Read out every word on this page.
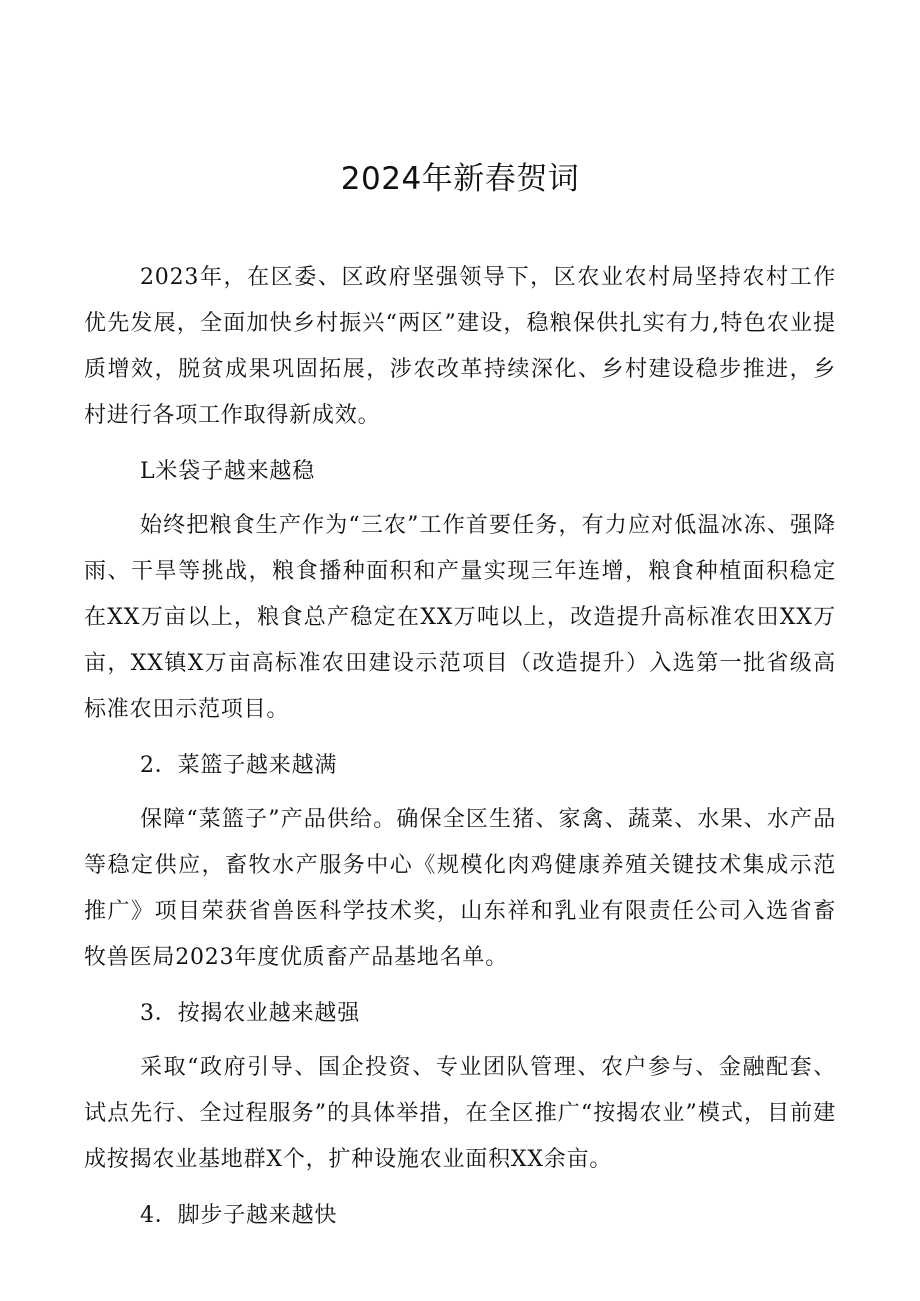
2024年新春贺词

2023年，在区委、区政府坚强领导下，区农业农村局坚持农村工作优先发展，全面加快乡村振兴“两区”建设，稳粮保供扎实有力,特色农业提质增效，脱贫成果巩固拓展，涉农改革持续深化、乡村建设稳步推进，乡村进行各项工作取得新成效。

L米袋子越来越稳

始终把粮食生产作为“三农”工作首要任务，有力应对低温冰冻、强降雨、干旱等挑战，粮食播种面积和产量实现三年连增，粮食种植面积稳定在XX万亩以上，粮食总产稳定在XX万吨以上，改造提升高标准农田XX万亩，XX镇X万亩高标准农田建设示范项目（改造提升）入选第一批省级高标准农田示范项目。

2．菜篮子越来越满

保障“菜篮子”产品供给。确保全区生猪、家禽、蔬菜、水果、水产品等稳定供应，畜牧水产服务中心《规模化肉鸡健康养殖关键技术集成示范推广》项目荣获省兽医科学技术奖，山东祥和乳业有限责任公司入选省畜牧兽医局2023年度优质畜产品基地名单。

3．按揭农业越来越强

采取“政府引导、国企投资、专业团队管理、农户参与、金融配套、试点先行、全过程服务”的具体举措，在全区推广“按揭农业”模式，目前建成按揭农业基地群X个，扩种设施农业面积XX余亩。

4．脚步子越来越快
